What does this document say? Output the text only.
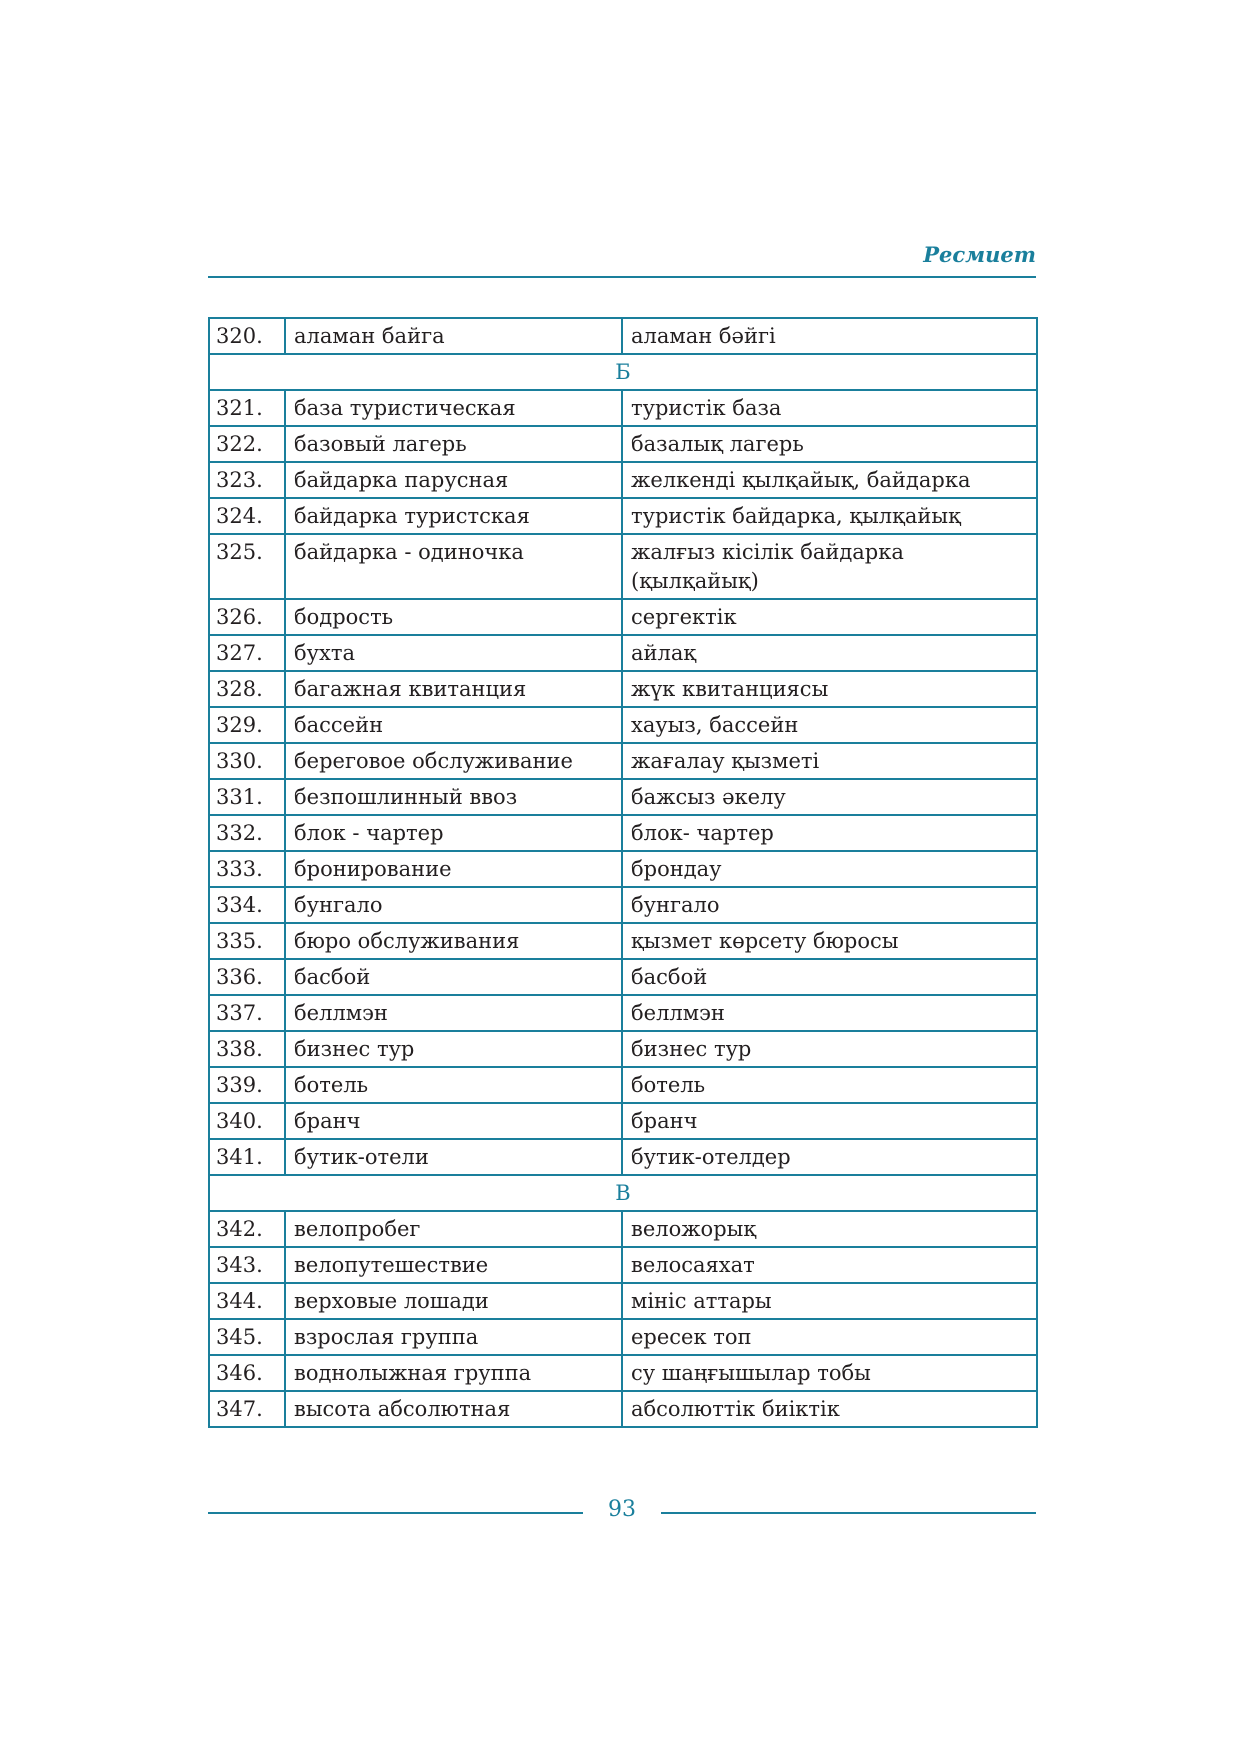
Ресмиет
320.	аламан байга	аламан бәйгі
Б		
321.	база туристическая	туристік база
322.	базовый лагерь	базалық лагерь
323.	байдарка парусная	желкенді қылқайық, байдарка
324.	байдарка туристская	туристік байдарка, қылқайық
325.	байдарка - одиночка	жалғыз кісілік байдарка (қылқайық)
326.	бодрость	сергектік
327.	бухта	айлақ
328.	багажная квитанция	жүк квитанциясы
329.	бассейн	хауыз, бассейн
330.	береговое обслуживание	жағалау қызметі
331.	безпошлинный ввоз	бажсыз әкелу
332.	блок - чартер	блок- чартер
333.	бронирование	брондау
334.	бунгало	бунгало
335.	бюро обслуживания	қызмет көрсету бюросы
336.	басбой	басбой
337.	беллмэн	беллмэн
338.	бизнес тур	бизнес тур
339.	ботель	ботель
340.	бранч	бранч
341.	бутик-отели	бутик-отелдер
В		
342.	велопробег	веложорық
343.	велопутешествие	велосаяхат
344.	верховые лошади	мініс аттары
345.	взрослая группа	ересек топ
346.	воднолыжная группа	су шаңғышылар тобы
347.	высота абсолютная	абсолюттік биіктік
93
